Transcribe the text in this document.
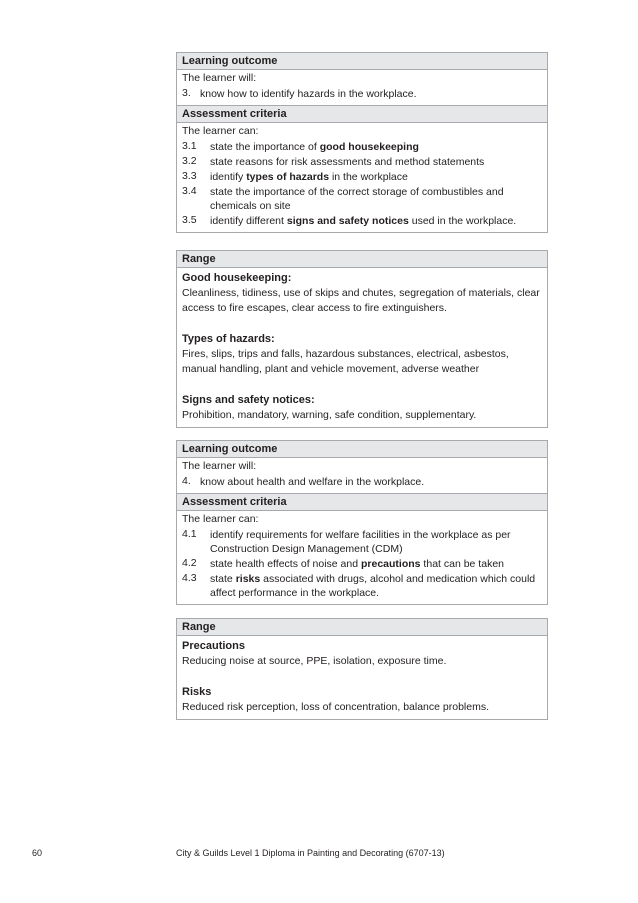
Learning outcome
The learner will:
3. know how to identify hazards in the workplace.
Assessment criteria
The learner can:
3.1	state the importance of good housekeeping
3.2	state reasons for risk assessments and method statements
3.3	identify types of hazards in the workplace
3.4	state the importance of the correct storage of combustibles and chemicals on site
3.5	identify different signs and safety notices used in the workplace.
Range
Good housekeeping:
Cleanliness, tidiness, use of skips and chutes, segregation of materials, clear access to fire escapes, clear access to fire extinguishers.
Types of hazards:
Fires, slips, trips and falls, hazardous substances, electrical, asbestos, manual handling, plant and vehicle movement, adverse weather
Signs and safety notices:
Prohibition, mandatory, warning, safe condition, supplementary.
Learning outcome
The learner will:
4. know about health and welfare in the workplace.
Assessment criteria
The learner can:
4.1	identify requirements for welfare facilities in the workplace as per Construction Design Management (CDM)
4.2	state health effects of noise and precautions that can be taken
4.3	state risks associated with drugs, alcohol and medication which could affect performance in the workplace.
Range
Precautions
Reducing noise at source, PPE, isolation, exposure time.
Risks
Reduced risk perception, loss of concentration, balance problems.
60	City & Guilds Level 1 Diploma in Painting and Decorating (6707-13)
